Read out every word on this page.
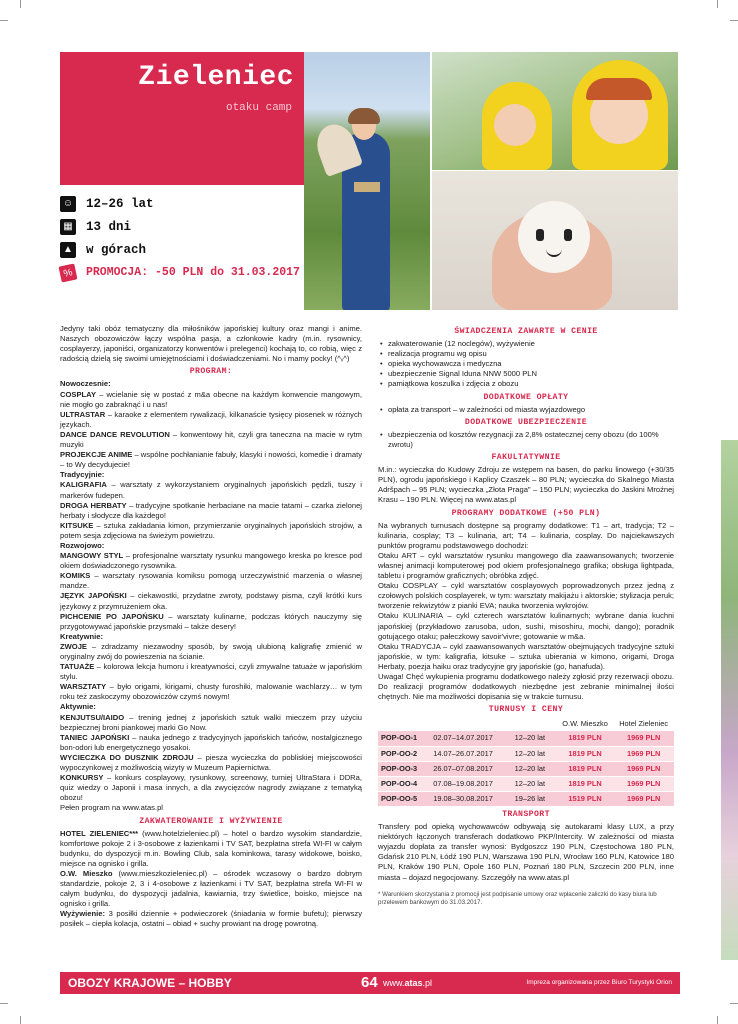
Zieleniec
otaku camp
☺ 12–26 lat
▦ 13 dni
▲ w górach
%	PROMOCJA: -50 PLN do 31.03.2017

Jedyny taki obóz tematyczny dla miłośników japońskiej kultury oraz mangi i anime. Naszych obozowiczów łączy wspólna pasja, a członkowie kadry (m.in. rysownicy, cosplayerzy, japoniści, organizatorzy konwentów i prelegenci) kochają to, co robią, więc z radością dzielą się swoimi umiejętnościami i doświadczeniami. No i mamy pocky! (^ᵥ^)

PROGRAM:

Nowoczesnie:

COSPLAY – wcielanie się w postać z m&a obecne na każdym konwencie mangowym, nie mogło go zabraknąć i u nas!

ULTRASTAR – karaoke z elementem rywalizacji, kilkanaście tysięcy piosenek w różnych językach.

DANCE DANCE REVOLUTION – konwentowy hit, czyli gra taneczna na macie w rytm muzyki

PROJEKCJE ANIME – wspólne pochłanianie fabuły, klasyki i nowości, komedie i dramaty – to Wy decydujecie!

Tradycyjnie:

KALIGRAFIA – warsztaty z wykorzystaniem oryginalnych japońskich pędzli, tuszy i markerów fudepen.

DROGA HERBATY – tradycyjne spotkanie herbaciane na macie tatami – czarka zielonej herbaty i słodycze dla każdego!

KITSUKE – sztuka zakładania kimon, przymierzanie oryginalnych japońskich strojów, a potem sesja zdjęciowa na świeżym powietrzu.

Rozwojowo:

MANGOWY STYL – profesjonalne warsztaty rysunku mangowego kreska po kresce pod okiem doświadczonego rysownika.

KOMIKS – warsztaty rysowania komiksu pomogą urzeczywistnić marzenia o własnej mandze.

JĘZYK JAPOŃSKI – ciekawostki, przydatne zwroty, podstawy pisma, czyli krótki kurs językowy z przymrużeniem oka.

PICHCENIE PO JAPOŃSKU – warsztaty kulinarne, podczas których nauczymy się przygotowywać japońskie przysmaki – także desery!

Kreatywnie:

ZWOJE – zdradzamy niezawodny sposób, by swoją ulubioną kaligrafię zmienić w oryginalny zwój do powieszenia na ścianie.

TATUAŻE – kolorowa lekcja humoru i kreatywności, czyli zmywalne tatuaże w japońskim stylu.

WARSZTATY – było origami, kirigami, chusty furoshiki, malowanie wachlarzy… w tym roku też zaskoczymy obozowiczów czymś nowym!

Aktywnie:

KENJUTSU/IAIDO – trening jednej z japońskich sztuk walki mieczem przy użyciu bezpiecznej broni piankowej marki Go Now.

TANIEC JAPOŃSKI – nauka jednego z tradycyjnych japońskich tańców, nostalgicznego bon-odori lub energetycznego yosakoi.

WYCIECZKA DO DUSZNIK ZDROJU – piesza wycieczka do pobliskiej miejscowości wypoczynkowej z możliwością wizyty w Muzeum Papiernictwa.

KONKURSY – konkurs cosplayowy, rysunkowy, screenowy, turniej UltraStara i DDRa, quiz wiedzy o Japonii i masa innych, a dla zwycięzców nagrody związane z tematyką obozu!

Pełen program na www.atas.pl

ZAKWATEROWANIE I WYŻYWIENIE

HOTEL ZIELENIEC*** (www.hotelzieleniec.pl) – hotel o bardzo wysokim standardzie, komfortowe pokoje 2 i 3-osobowe z łazienkami i TV SAT, bezpłatna strefa WI-FI w całym budynku, do dyspozycji m.in. Bowling Club, sala kominkowa, tarasy widokowe, boisko, miejsce na ognisko i grilla.

O.W. Mieszko (www.mieszkozieleniec.pl) – ośrodek wczasowy o bardzo dobrym standardzie, pokoje 2, 3 i 4-osobowe z łazienkami i TV SAT, bezpłatna strefa WI-FI w całym budynku, do dyspozycji jadalnia, kawiarnia, trzy świetlice, boisko, miejsce na ognisko i grilla.

Wyżywienie: 3 posiłki dziennie + podwieczorek (śniadania w formie bufetu); pierwszy posiłek – ciepła kolacja, ostatni – obiad + suchy prowiant na drogę powrotną.

ŚWIADCZENIA ZAWARTE W CENIE
• zakwaterowanie (12 noclegów), wyżywienie
• realizacja programu wg opisu
• opieka wychowawcza i medyczna
• ubezpieczenie Signal Iduna NNW 5000 PLN
• pamiątkowa koszulka i zdjęcia z obozu
DODATKOWE OPŁATY
• opłata za transport – w zależności od miasta wyjazdowego
DODATKOWE UBEZPIECZENIE
• ubezpieczenia od kosztów rezygnacji za 2,8% ostatecznej ceny obozu (do 100% zwrotu)
FAKULTATYWNIE

M.in.: wycieczka do Kudowy Zdroju ze wstępem na basen, do parku linowego (+30/35 PLN), ogrodu japońskiego i Kaplicy Czaszek – 80 PLN; wycieczka do Skalnego Miasta Adršpach – 95 PLN; wycieczka „Złota Praga" – 150 PLN; wycieczka do Jaskini Mroźnej Krasu – 190 PLN. Więcej na www.atas.pl

PROGRAMY DODATKOWE (+50 PLN)

Na wybranych turnusach dostępne są programy dodatkowe: T1 – art, tradycja; T2 – kulinaria, cosplay; T3 – kulinaria, art; T4 – kulinaria, cosplay. Do najciekawszych punktów programu podstawowego dochodzi:

Otaku ART – cykl warsztatów rysunku mangowego dla zaawansowanych; tworzenie własnej animacji komputerowej pod okiem profesjonalnego grafika; obsługa lightpada, tabletu i programów graficznych; obróbka zdjęć.

Otaku COSPLAY – cykl warsztatów cosplayowych poprowadzonych przez jedną z czołowych polskich cosplayerek, w tym: warsztaty makijażu i aktorskie; stylizacja peruk; tworzenie rekwizytów z pianki EVA; nauka tworzenia wykrojów.

Otaku KULINARIA – cykl czterech warsztatów kulinarnych; wybrane dania kuchni japońskiej (przykładowo zarusoba, udon, sushi, misoshiru, mochi, dango); poradnik gotującego otaku; pałeczkowy savoir'vivre; gotowanie w m&a.

Otaku TRADYCJA – cykl zaawansowanych warsztatów obejmujących tradycyjne sztuki japońskie, w tym: kaligrafia, kitsuke – sztuka ubierania w kimono, origami, Droga Herbaty, poezja haiku oraz tradycyjne gry japońskie (go, hanafuda).

Uwaga! Chęć wykupienia programu dodatkowego należy zgłosić przy rezerwacji obozu. Do realizacji programów dodatkowych niezbędne jest zebranie minimalnej ilości chętnych. Nie ma możliwości dopisania się w trakcie turnusu.

TURNUSY I CENY
			O.W. Mieszko	Hotel Zieleniec
POP-OO-1	02.07–14.07.2017	12–20 lat	1819 PLN	1969 PLN
POP-OO-2	14.07–26.07.2017	12–20 lat	1819 PLN	1969 PLN
POP-OO-3	26.07–07.08.2017	12–20 lat	1819 PLN	1969 PLN
POP-OO-4	07.08–19.08.2017	12–20 lat	1819 PLN	1969 PLN
POP-OO-5	19.08–30.08.2017	19–26 lat	1519 PLN	1969 PLN
TRANSPORT

Transfery pod opieką wychowawców odbywają się autokarami klasy LUX, a przy niektórych łączonych transferach dodatkowo PKP/Intercity. W zależności od miasta wyjazdu dopłata za transfer wynosi: Bydgoszcz 190 PLN, Częstochowa 180 PLN, Gdańsk 210 PLN, Łódź 190 PLN, Warszawa 190 PLN, Wrocław 160 PLN, Katowice 180 PLN, Kraków 190 PLN, Opole 160 PLN, Poznań 180 PLN, Szczecin 200 PLN, inne miasta – dojazd negocjowany. Szczegóły na www.atas.pl

* Warunkiem skorzystania z promocji jest podpisanie umowy oraz wpłacenie zaliczki do kasy biura lub przelewem bankowym do 31.03.2017.
OBOZY KRAJOWE – HOBBY	64 www.atas.pl	Impreza organizowana przez Biuro Turystyki Orion
